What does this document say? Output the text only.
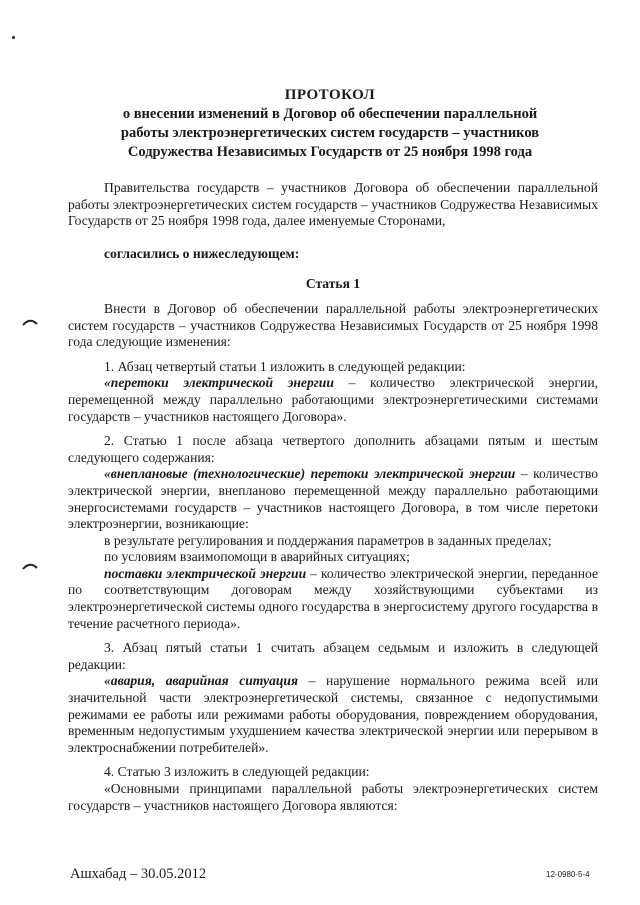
ПРОТОКОЛ
о внесении изменений в Договор об обеспечении параллельной
работы электроэнергетических систем государств – участников
Содружества Независимых Государств от 25 ноября 1998 года

Правительства государств – участников Договора об обеспечении параллельной работы электроэнергетических систем государств – участников Содружества Независимых Государств от 25 ноября 1998 года, далее именуемые Сторонами,

согласились о нижеследующем:

Статья 1

Внести в Договор об обеспечении параллельной работы электроэнергетических систем государств – участников Содружества Независимых Государств от 25 ноября 1998 года следующие изменения:

1. Абзац четвертый статьи 1 изложить в следующей редакции:

«перетоки электрической энергии – количество электрической энергии, перемещенной между параллельно работающими электроэнергетическими системами государств – участников настоящего Договора».

2. Статью 1 после абзаца четвертого дополнить абзацами пятым и шестым следующего содержания:

«внеплановые (технологические) перетоки электрической энергии – количество электрической энергии, внепланово перемещенной между параллельно работающими энергосистемами государств – участников настоящего Договора, в том числе перетоки электроэнергии, возникающие:

в результате регулирования и поддержания параметров в заданных пределах;

по условиям взаимопомощи в аварийных ситуациях;

поставки электрической энергии – количество электрической энергии, переданное по соответствующим договорам между хозяйствующими субъектами из электроэнергетической системы одного государства в энергосистему другого государства в течение расчетного периода».

3. Абзац пятый статьи 1 считать абзацем седьмым и изложить в следующей редакции:

«авария, аварийная ситуация – нарушение нормального режима всей или значительной части электроэнергетической системы, связанное с недопустимыми режимами ее работы или режимами работы оборудования, повреждением оборудования, временным недопустимым ухудшением качества электрической энергии или перерывом в электроснабжении потребителей».

4. Статью 3 изложить в следующей редакции:

«Основными принципами параллельной работы электроэнергетических систем государств – участников настоящего Договора являются:

Ашхабад – 30.05.2012	12-0980-5-4
